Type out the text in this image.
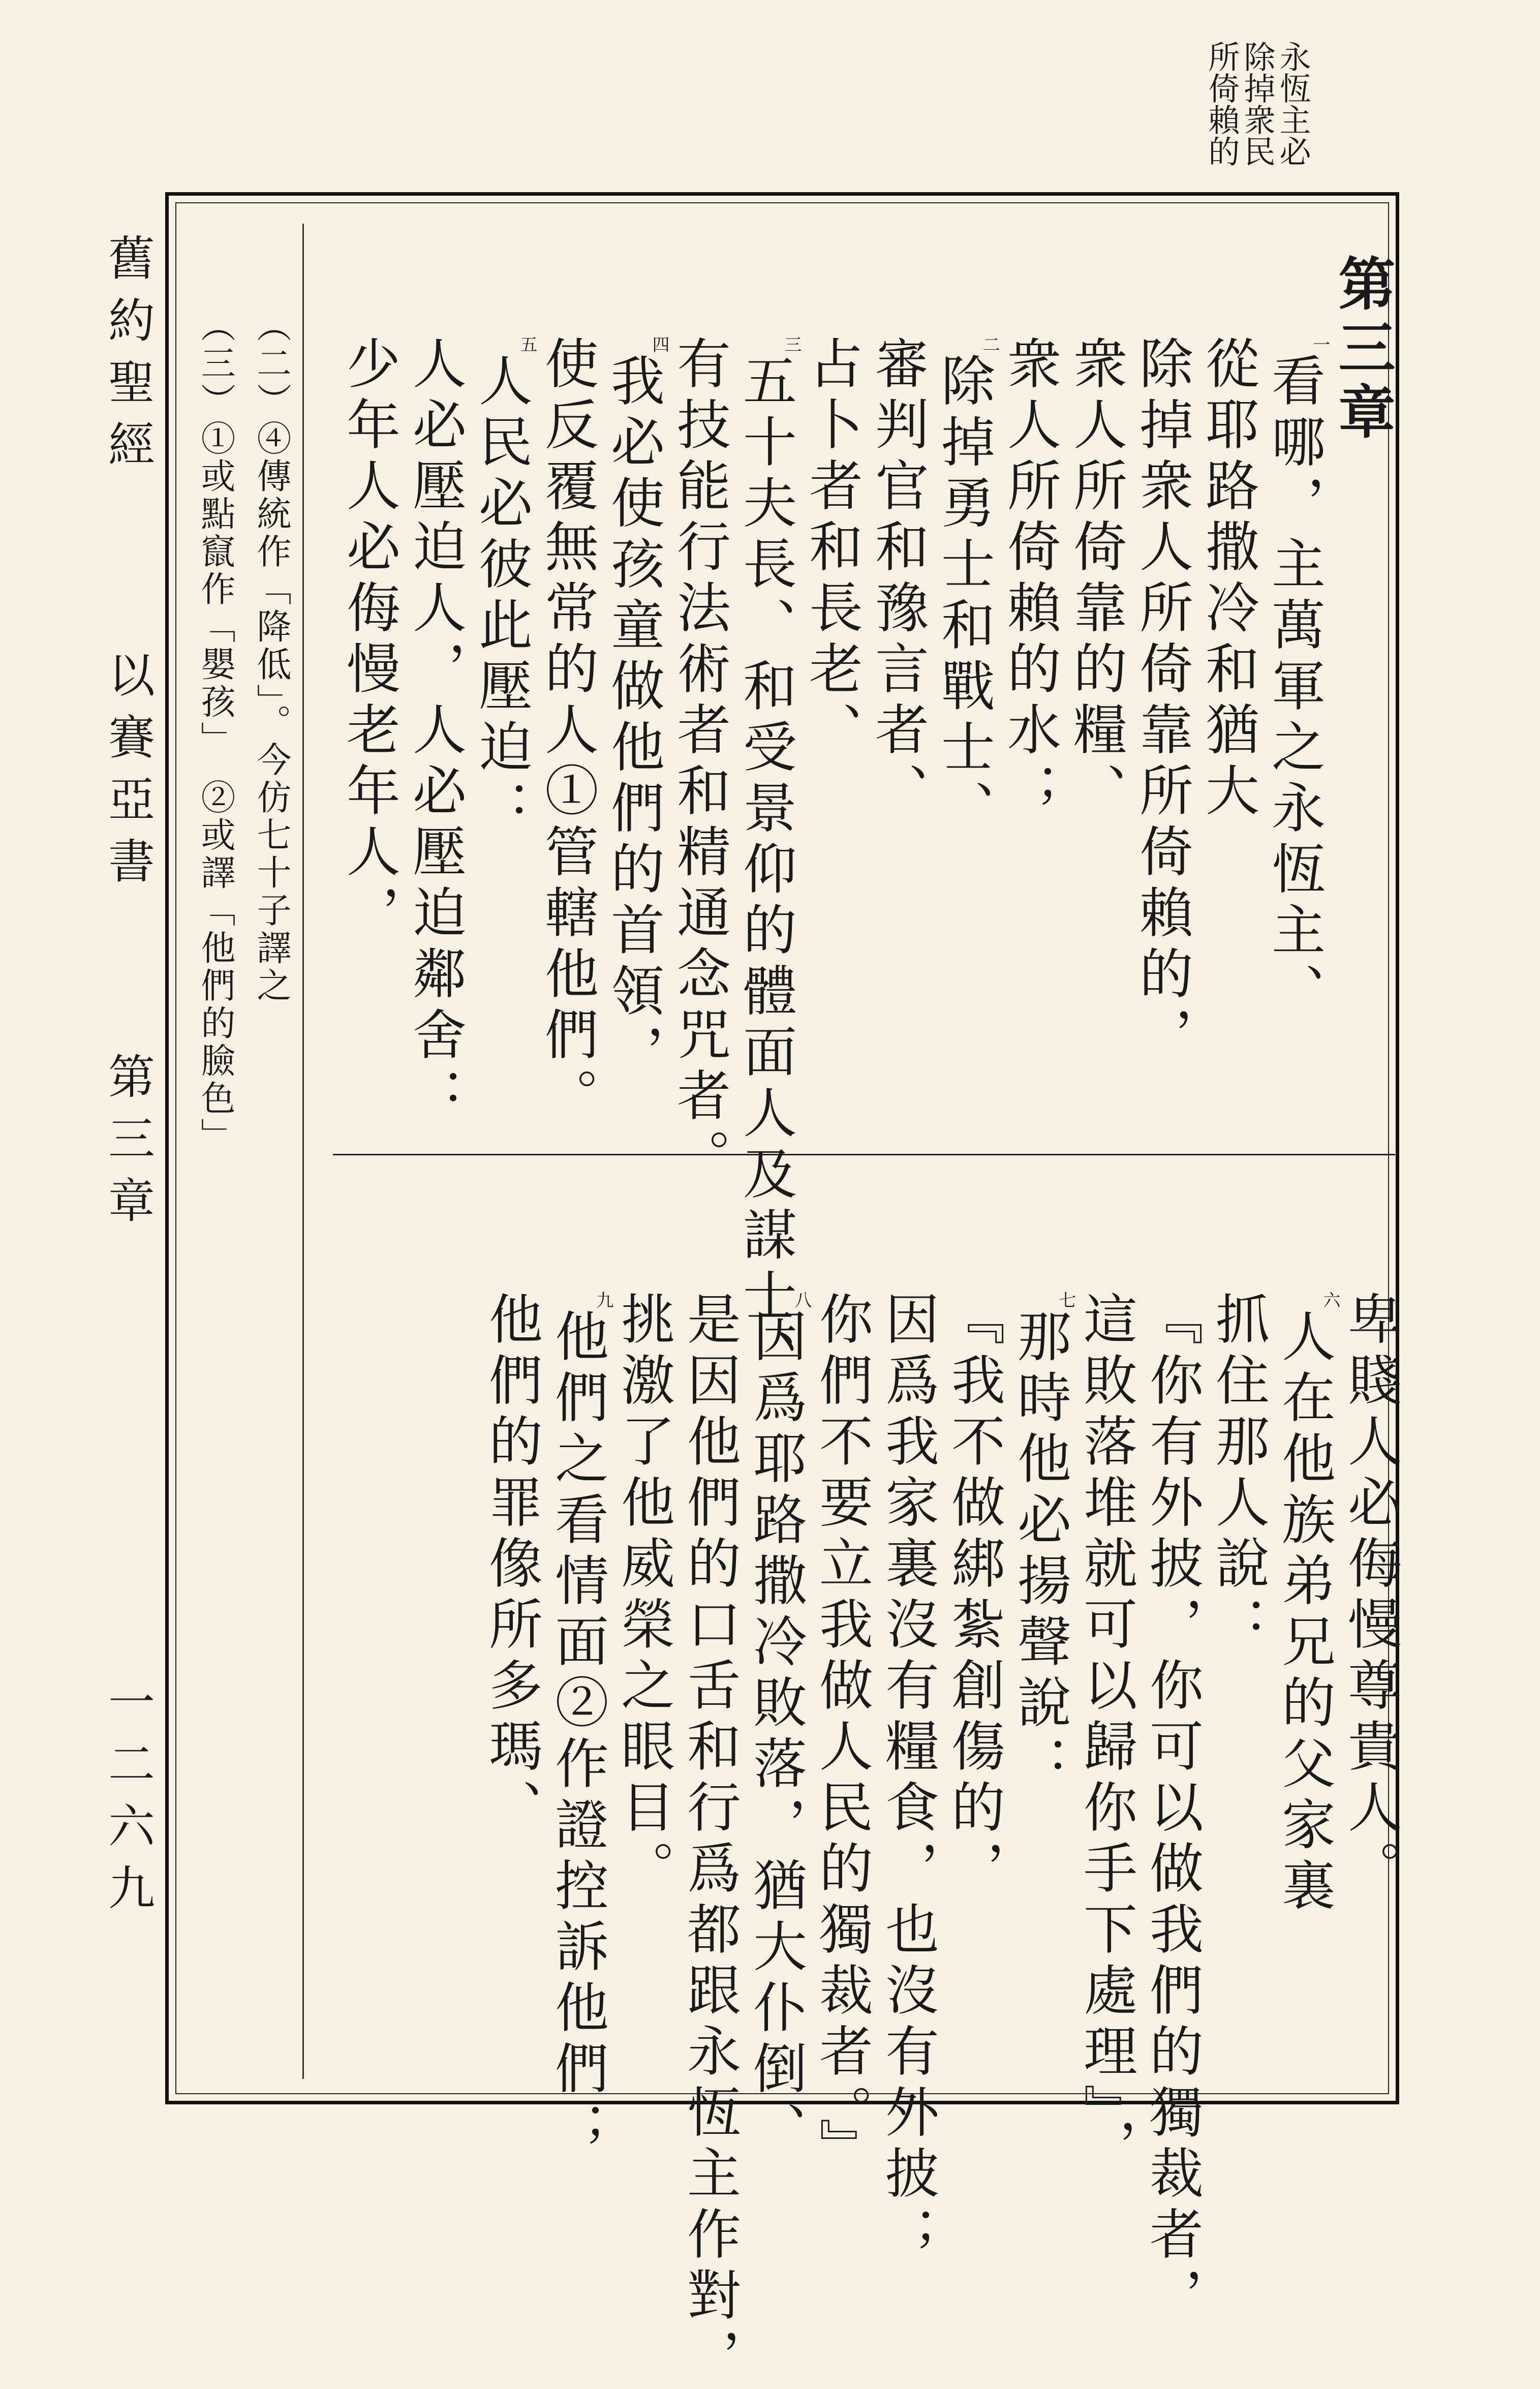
永恆主必
除掉衆民
所倚賴的
第三章
$^一$看哪，主萬軍之永恆主、
從耶路撒冷和猶大
除掉衆人所倚靠所倚賴的，
衆人所倚靠的糧、
衆人所倚賴的水；
$^二$除掉勇士和戰士、
審判官和豫言者、
占卜者和長老、
$^三$五十夫長、和受景仰的體面人及謀士、
有技能行法術者和精通念咒者。
$^四$我必使孩童做他們的首領，
使反覆無常的人①管轄他們。
$^五$人民必彼此壓迫：
人必壓迫人，人必壓迫鄰舍：
少年人必侮慢老年人，
卑賤人必侮慢尊貴人。
$^六$人在他族弟兄的父家裏
抓住那人說：
『你有外披，你可以做我們的獨裁者，
這敗落堆就可以歸你手下處理』，
$^七$那時他必揚聲說：
『我不做綁紮創傷的，
因爲我家裏沒有糧食，也沒有外披；
你們不要立我做人民的獨裁者。』
$^八$因爲耶路撒冷敗落，猶大仆倒、
是因他們的口舌和行爲都跟永恆主作對，
挑激了他威榮之眼目。
$^九$他們之看情面②作證控訴他們；
他們的罪像所多瑪、
（二）④傳統作「降低」。今仿七十子譯之
（三）①或點竄作「嬰孩」　②或譯「他們的臉色」
舊約聖經
以賽亞書
第三章
一二六九
